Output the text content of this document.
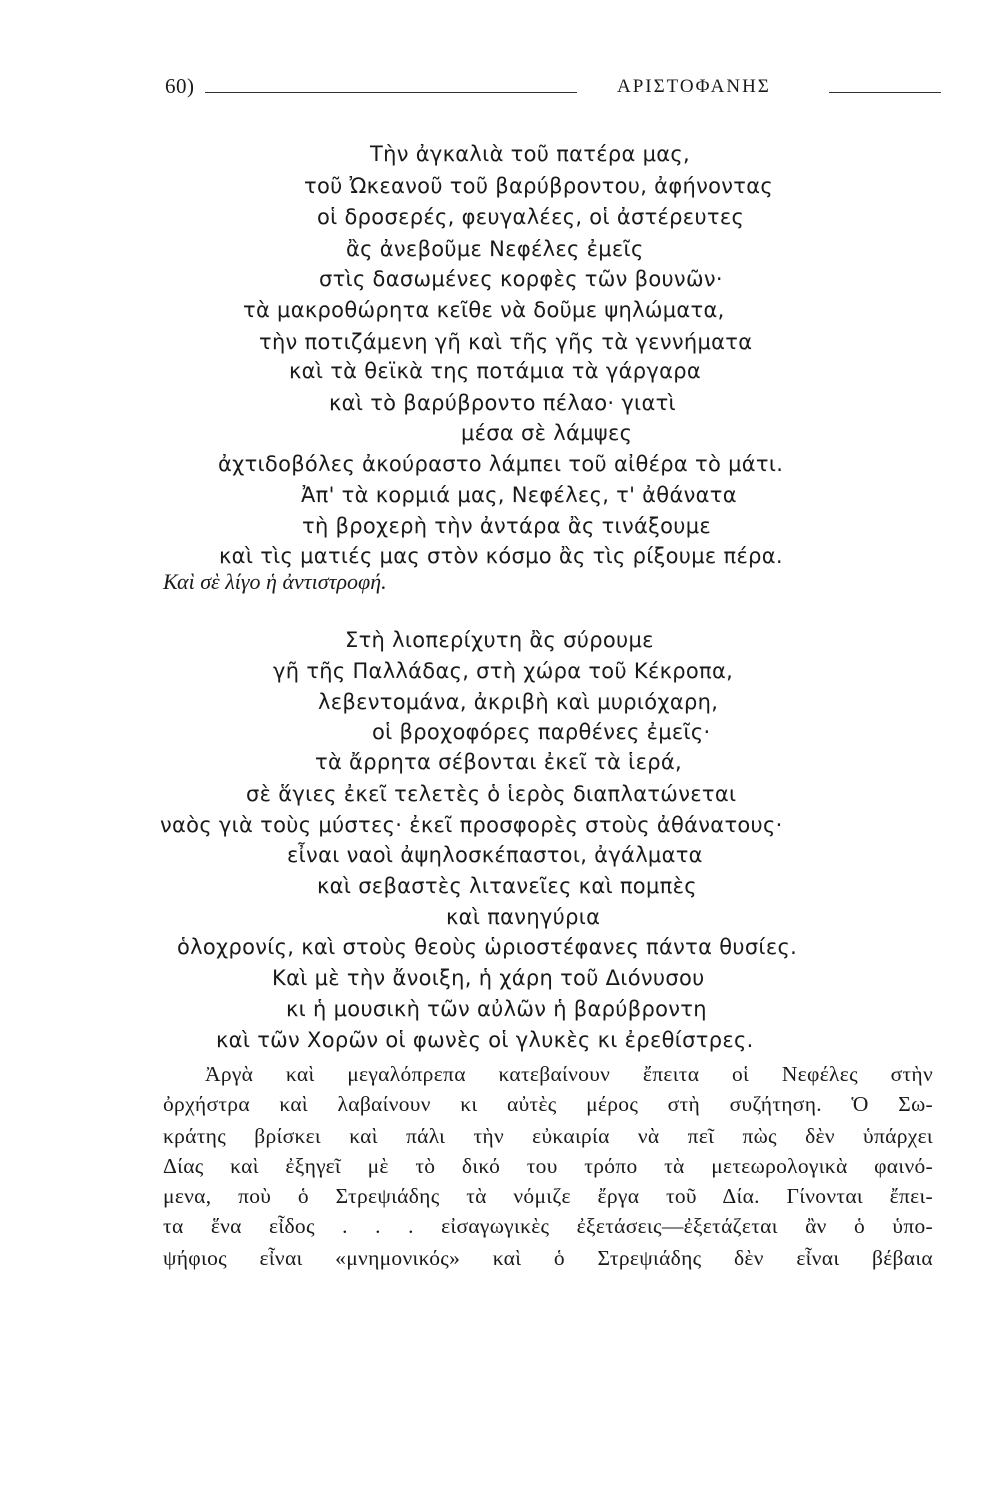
60)	ΑΡΙΣΤΟΦΑΝΗΣ
Τὴν ἀγκαλιὰ τοῦ πατέρα μας,
τοῦ Ὠκεανοῦ τοῦ βαρύβροντου, ἀφήνοντας
οἱ δροσερές, φευγαλέες, οἱ ἀστέρευτες
ἂς ἀνεβοῦμε Νεφέλες ἐμεῖς
στὶς δασωμένες κορφὲς τῶν βουνῶν·
τὰ μακροθώρητα κεῖθε νὰ δοῦμε ψηλώματα,
τὴν ποτιζάμενη γῆ καὶ τῆς γῆς τὰ γεννήματα
καὶ τὰ θεϊκὰ της ποτάμια τὰ γάργαρα
καὶ τὸ βαρύβροντο πέλαο· γιατὶ
μέσα σὲ λάμψες
ἀχτιδοβόλες ἀκούραστο λάμπει τοῦ αἰθέρα τὸ μάτι.
Ἀπ' τὰ κορμιά μας, Νεφέλες, τ' ἀθάνατα
τὴ βροχερὴ τὴν ἀντάρα ἂς τινάξουμε
καὶ τὶς ματιές μας στὸν κόσμο ἂς τὶς ρίξουμε πέρα.
Καὶ σὲ λίγο ἡ ἀντιστροφή.
Στὴ λιοπερίχυτη ἂς σύρουμε
γῆ τῆς Παλλάδας, στὴ χώρα τοῦ Κέκροπα,
λεβεντομάνα, ἀκριβὴ καὶ μυριόχαρη,
οἱ βροχοφόρες παρθένες ἐμεῖς·
τὰ ἄρρητα σέβονται ἐκεῖ τὰ ἱερά,
σὲ ἅγιες ἐκεῖ τελετὲς ὁ ἱερὸς διαπλατώνεται
ναὸς γιὰ τοὺς μύστες· ἐκεῖ προσφορὲς στοὺς ἀθάνατους·
εἶναι ναοὶ ἀψηλοσκέπαστοι, ἀγάλματα
καὶ σεβαστὲς λιτανεῖες καὶ πομπὲς
καὶ πανηγύρια
ὁλοχρονίς, καὶ στοὺς θεοὺς ὡριοστέφανες πάντα θυσίες.
Καὶ μὲ τὴν ἄνοιξη, ἡ χάρη τοῦ Διόνυσου
κι ἡ μουσικὴ τῶν αὐλῶν ἡ βαρύβροντη
καὶ τῶν Χορῶν οἱ φωνὲς οἱ γλυκὲς κι ἐρεθίστρες.
Ἀργὰ καὶ μεγαλόπρεπα κατεβαίνουν ἔπειτα οἱ Νεφέλες στὴν
ὀρχήστρα καὶ λαβαίνουν κι αὐτὲς μέρος στὴ συζήτηση. Ὁ Σω-
κράτης βρίσκει καὶ πάλι τὴν εὐκαιρία νὰ πεῖ πὼς δὲν ὑπάρχει
Δίας καὶ ἐξηγεῖ μὲ τὸ δικό του τρόπο τὰ μετεωρολογικὰ φαινό-
μενα, ποὺ ὁ Στρεψιάδης τὰ νόμιζε ἔργα τοῦ Δία. Γίνονται ἔπει-
τα ἕνα εἶδος . . . εἰσαγωγικὲς ἐξετάσεις—ἐξετάζεται ἂν ὁ ὑπο-
ψήφιος εἶναι «μνημονικός» καὶ ὁ Στρεψιάδης δὲν εἶναι βέβαια
